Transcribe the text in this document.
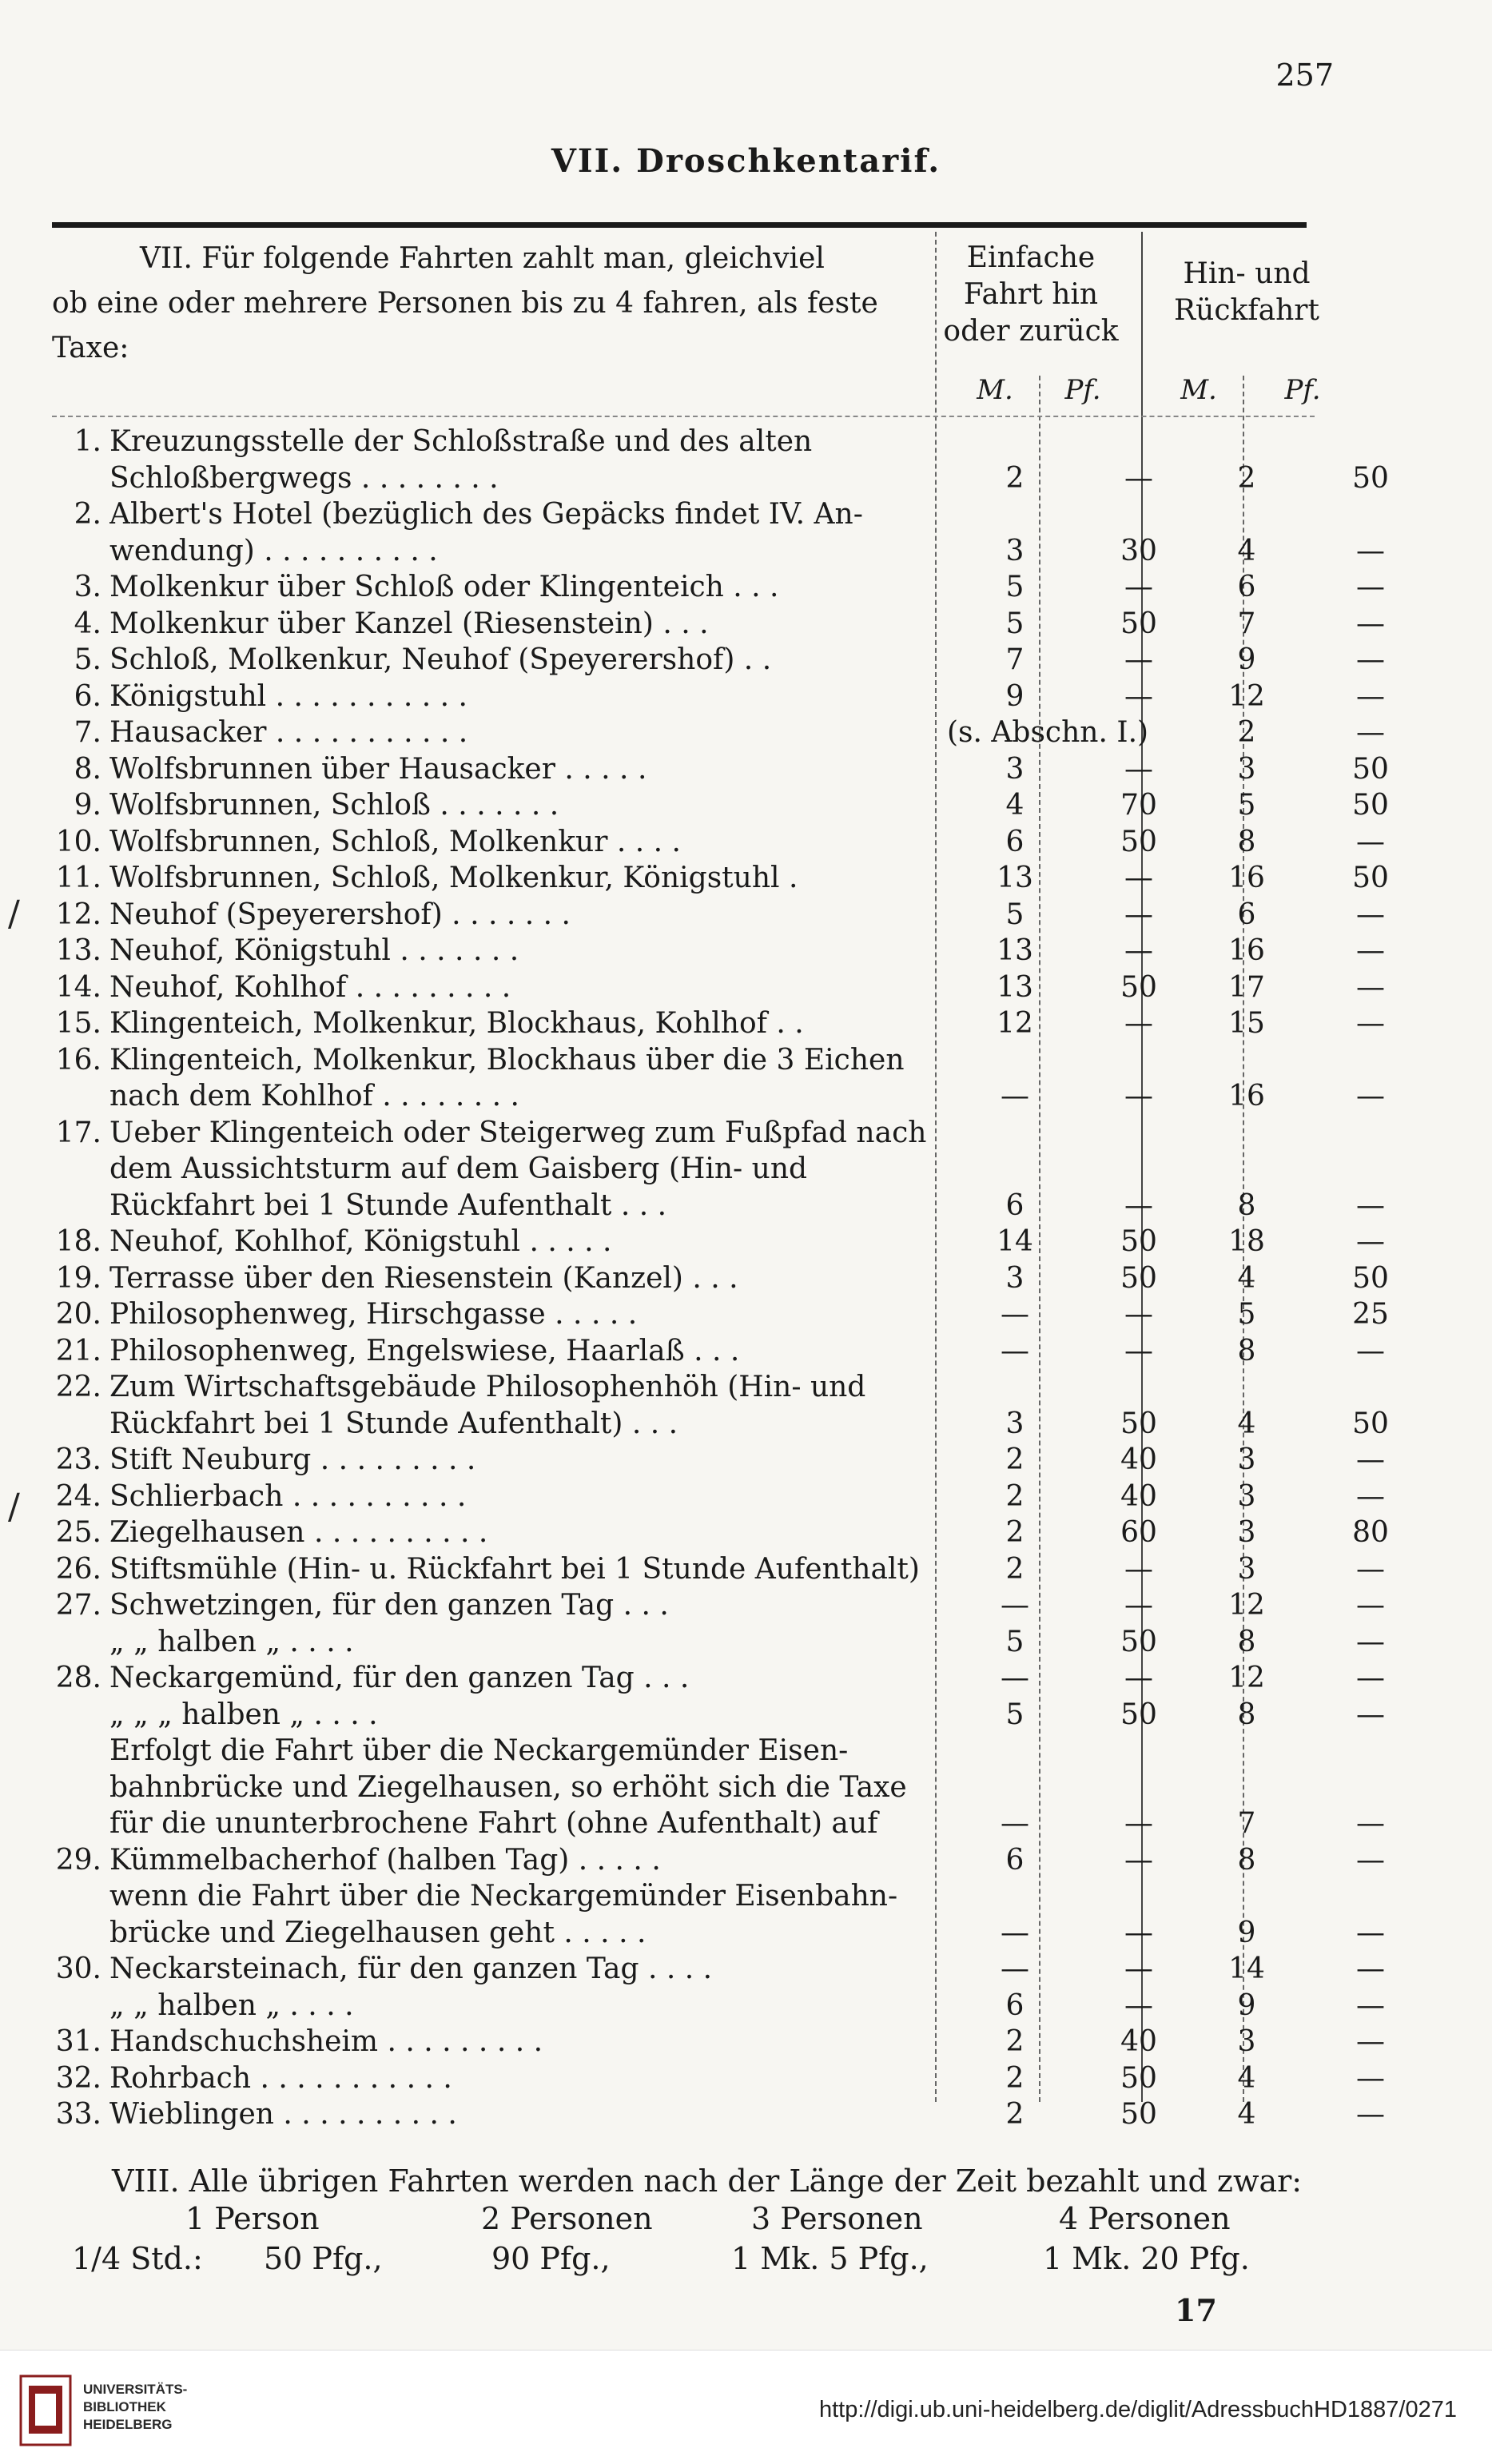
257
VII. Droschkentarif.
VII. Für folgende Fahrten zahlt man, gleichviel
ob eine oder mehrere Personen bis zu 4 fahren, als feste
Taxe:
Einfache
Fahrt hin
oder zurück
Hin- und
Rückfahrt
M.	Pf.	M.	Pf.
1. Kreuzungsstelle der Schloßstraße und des alten
Schloßbergwegs . . . . . . . .	2	—	2	50
2. Albert's Hotel (bezüglich des Gepäcks findet IV. An-
wendung) . . . . . . . . . .	3	30	4	—
3. Molkenkur über Schloß oder Klingenteich . . .	5	—	6	—
4. Molkenkur über Kanzel (Riesenstein) . . .	5	50	7	—
5. Schloß, Molkenkur, Neuhof (Speyerershof) . .	7	—	9	—
6. Königstuhl . . . . . . . . . . .	9	—	12	—
7. Hausacker . . . . . . . . . . .	(s. Abschn. I.)	2	—
8. Wolfsbrunnen über Hausacker . . . . .	3	—	3	50
9. Wolfsbrunnen, Schloß . . . . . . .	4	70	5	50
10. Wolfsbrunnen, Schloß, Molkenkur . . . .	6	50	8	—
11. Wolfsbrunnen, Schloß, Molkenkur, Königstuhl .	13	—	16	50
12. Neuhof (Speyerershof) . . . . . . .	5	—	6	—
13. Neuhof, Königstuhl . . . . . . .	13	—	16	—
14. Neuhof, Kohlhof . . . . . . . . .	13	50	17	—
15. Klingenteich, Molkenkur, Blockhaus, Kohlhof . .	12	—	15	—
16. Klingenteich, Molkenkur, Blockhaus über die 3 Eichen
nach dem Kohlhof . . . . . . . .	—	—	16	—
17. Ueber Klingenteich oder Steigerweg zum Fußpfad nach
dem Aussichtsturm auf dem Gaisberg (Hin- und
Rückfahrt bei 1 Stunde Aufenthalt . . .	6	—	8	—
18. Neuhof, Kohlhof, Königstuhl . . . . .	14	50	18	—
19. Terrasse über den Riesenstein (Kanzel) . . .	3	50	4	50
20. Philosophenweg, Hirschgasse . . . . .	—	—	5	25
21. Philosophenweg, Engelswiese, Haarlaß . . .	—	—	8	—
22. Zum Wirtschaftsgebäude Philosophenhöh (Hin- und
Rückfahrt bei 1 Stunde Aufenthalt) . . .	3	50	4	50
23. Stift Neuburg . . . . . . . . .	2	40	3	—
24. Schlierbach . . . . . . . . . .	2	40	3	—
25. Ziegelhausen . . . . . . . . . .	2	60	3	80
26. Stiftsmühle (Hin- u. Rückfahrt bei 1 Stunde Aufenthalt)	2	—	3	—
27. Schwetzingen, für den ganzen Tag . . .	—	—	12	—
„ „ halben „ . . . .	5	50	8	—
28. Neckargemünd, für den ganzen Tag . . .	—	—	12	—
„ „ „ halben „ . . . .	5	50	8	—
Erfolgt die Fahrt über die Neckargemünder Eisen-
bahnbrücke und Ziegelhausen, so erhöht sich die Taxe
für die ununterbrochene Fahrt (ohne Aufenthalt) auf	—	—	7	—
29. Kümmelbacherhof (halben Tag) . . . . .	6	—	8	—
wenn die Fahrt über die Neckargemünder Eisenbahn-
brücke und Ziegelhausen geht . . . . .	—	—	9	—
30. Neckarsteinach, für den ganzen Tag . . . .	—	—	14	—
„ „ halben „ . . . .	6	—	9	—
31. Handschuchsheim . . . . . . . . .	2	40	3	—
32. Rohrbach . . . . . . . . . . .	2	50	4	—
33. Wieblingen . . . . . . . . . .	2	50	4	—
/
/
VIII. Alle übrigen Fahrten werden nach der Länge der Zeit bezahlt und zwar:
1 Person	2 Personen	3 Personen	4 Personen
1/4 Std.: 50 Pfg.,	90 Pfg.,	1 Mk. 5 Pfg.,	1 Mk. 20 Pfg.
17
UNIVERSITÄTS-
BIBLIOTHEK
HEIDELBERG
http://digi.ub.uni-heidelberg.de/diglit/AdressbuchHD1887/0271
